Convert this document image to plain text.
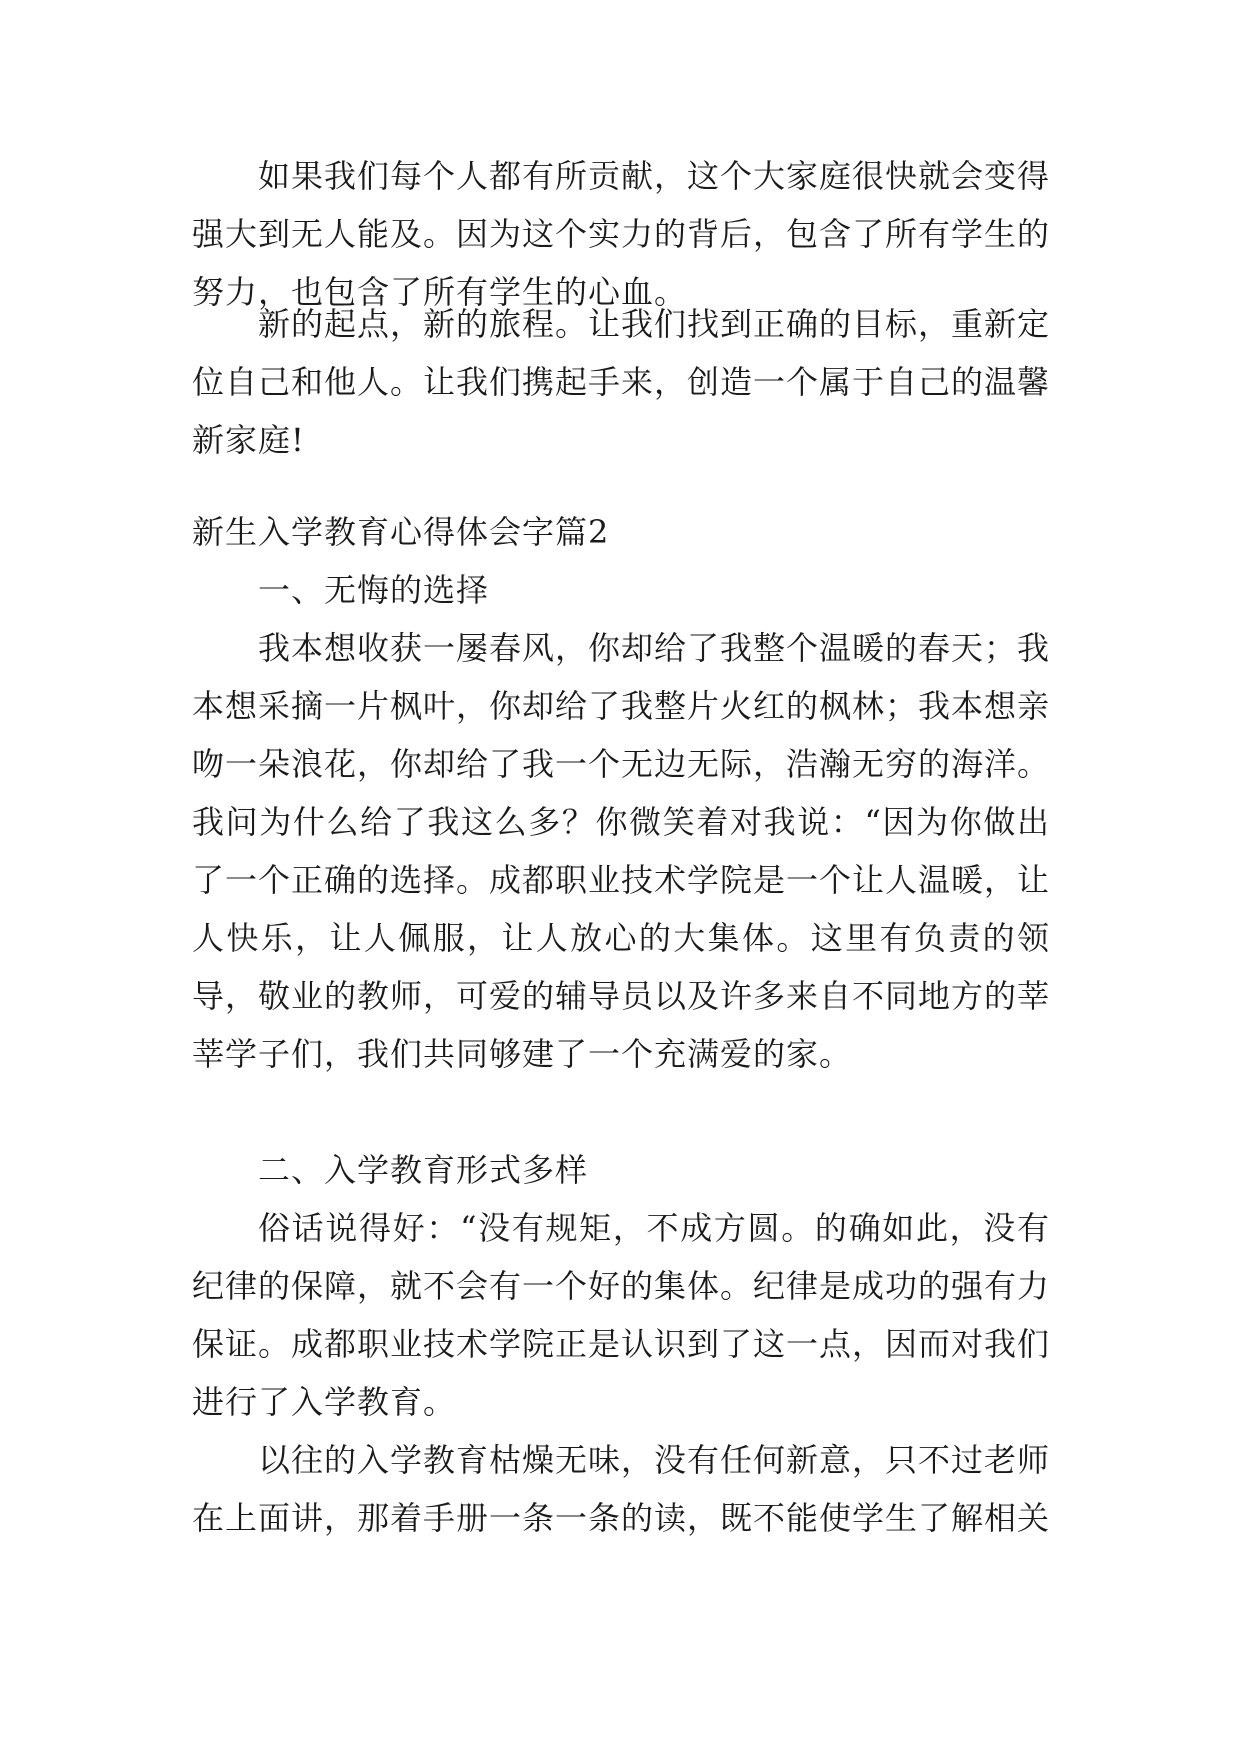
如果我们每个人都有所贡献，这个大家庭很快就会变得强大到无人能及。因为这个实力的背后，包含了所有学生的努力，也包含了所有学生的心血。

新的起点，新的旅程。让我们找到正确的目标，重新定位自己和他人。让我们携起手来，创造一个属于自己的温馨新家庭!

新生入学教育心得体会字篇2

一、无悔的选择

我本想收获一屡春风，你却给了我整个温暖的春天；我本想采摘一片枫叶，你却给了我整片火红的枫林；我本想亲吻一朵浪花，你却给了我一个无边无际，浩瀚无穷的海洋。我问为什么给了我这么多？你微笑着对我说：“因为你做出了一个正确的选择。成都职业技术学院是一个让人温暖，让人快乐，让人佩服，让人放心的大集体。这里有负责的领导，敬业的教师，可爱的辅导员以及许多来自不同地方的莘莘学子们，我们共同够建了一个充满爱的家。

二、入学教育形式多样

俗话说得好：“没有规矩，不成方圆。的确如此，没有纪律的保障，就不会有一个好的集体。纪律是成功的强有力保证。成都职业技术学院正是认识到了这一点，因而对我们进行了入学教育。

以往的入学教育枯燥无味，没有任何新意，只不过老师在上面讲，那着手册一条一条的读，既不能使学生了解相关
